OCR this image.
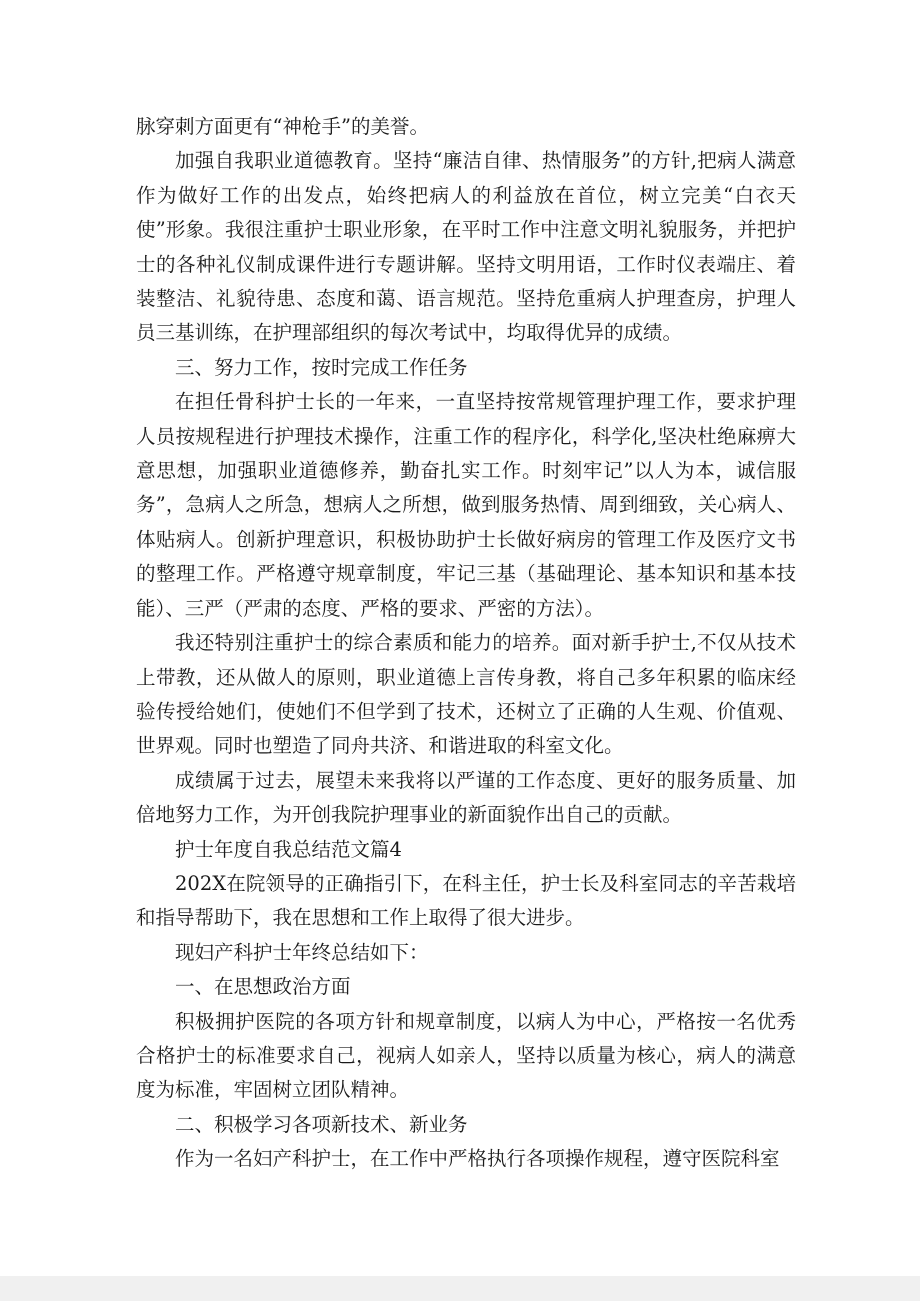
脉穿刺方面更有“神枪手”的美誉。

加强自我职业道德教育。坚持“廉洁自律、热情服务”的方针,把病人满意作为做好工作的出发点，始终把病人的利益放在首位，树立完美“白衣天使”形象。我很注重护士职业形象，在平时工作中注意文明礼貌服务，并把护士的各种礼仪制成课件进行专题讲解。坚持文明用语，工作时仪表端庄、着装整洁、礼貌待患、态度和蔼、语言规范。坚持危重病人护理查房，护理人员三基训练，在护理部组织的每次考试中，均取得优异的成绩。

三、努力工作，按时完成工作任务

在担任骨科护士长的一年来，一直坚持按常规管理护理工作，要求护理人员按规程进行护理技术操作，注重工作的程序化，科学化,坚决杜绝麻痹大意思想，加强职业道德修养，勤奋扎实工作。时刻牢记”以人为本，诚信服务”，急病人之所急，想病人之所想，做到服务热情、周到细致，关心病人、体贴病人。创新护理意识，积极协助护士长做好病房的管理工作及医疗文书的整理工作。严格遵守规章制度，牢记三基（基础理论、基本知识和基本技能）、三严（严肃的态度、严格的要求、严密的方法）。

我还特别注重护士的综合素质和能力的培养。面对新手护士,不仅从技术上带教，还从做人的原则，职业道德上言传身教，将自己多年积累的临床经验传授给她们，使她们不但学到了技术，还树立了正确的人生观、价值观、世界观。同时也塑造了同舟共济、和谐进取的科室文化。

成绩属于过去，展望未来我将以严谨的工作态度、更好的服务质量、加倍地努力工作，为开创我院护理事业的新面貌作出自己的贡献。

护士年度自我总结范文篇4

202X在院领导的正确指引下，在科主任，护士长及科室同志的辛苦栽培和指导帮助下，我在思想和工作上取得了很大进步。

现妇产科护士年终总结如下：

一、在思想政治方面

积极拥护医院的各项方针和规章制度，以病人为中心，严格按一名优秀合格护士的标准要求自己，视病人如亲人，坚持以质量为核心，病人的满意度为标准，牢固树立团队精神。

二、积极学习各项新技术、新业务

作为一名妇产科护士，在工作中严格执行各项操作规程，遵守医院科室
